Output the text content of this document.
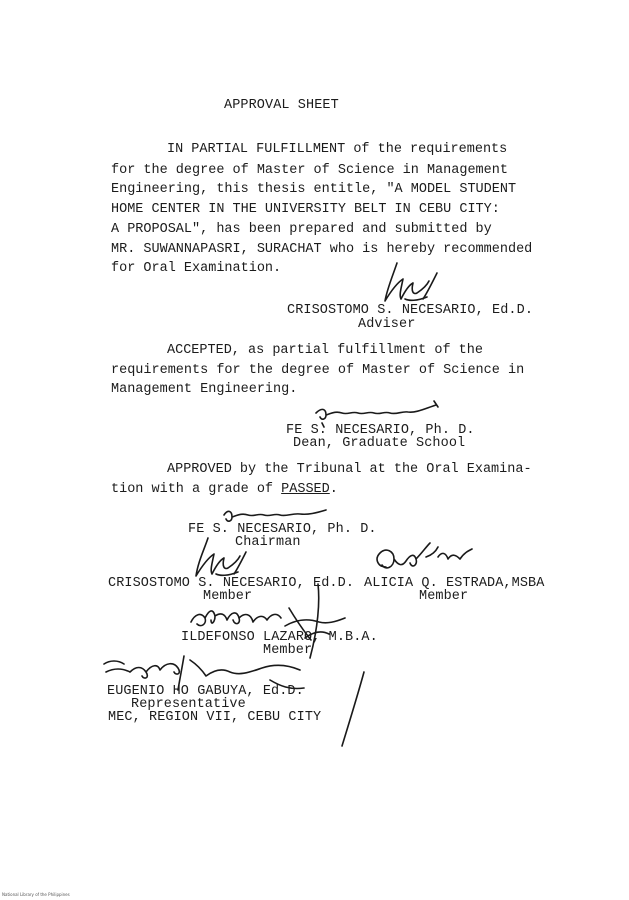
APPROVAL SHEET
IN PARTIAL FULFILLMENT of the requirements
for the degree of Master of Science in Management
Engineering, this thesis entitle, "A MODEL STUDENT
HOME CENTER IN THE UNIVERSITY BELT IN CEBU CITY:
A PROPOSAL", has been prepared and submitted by
MR. SUWANNAPASRI, SURACHAT who is hereby recommended
for Oral Examination.
CRISOSTOMO S. NECESARIO, Ed.D.
Adviser
ACCEPTED, as partial fulfillment of the
requirements for the degree of Master of Science in
Management Engineering.
FE S. NECESARIO, Ph. D.
Dean, Graduate School
APPROVED by the Tribunal at the Oral Examina-
tion with a grade of PASSED.
FE S. NECESARIO, Ph. D.
Chairman
CRISOSTOMO S. NECESARIO, Ed.D.
Member
ALICIA Q. ESTRADA,MSBA
Member
ILDEFONSO LAZARO, M.B.A.
Member
EUGENIO HO GABUYA, Ed.D.
Representative
MEC, REGION VII, CEBU CITY
National Library of the Philippines
